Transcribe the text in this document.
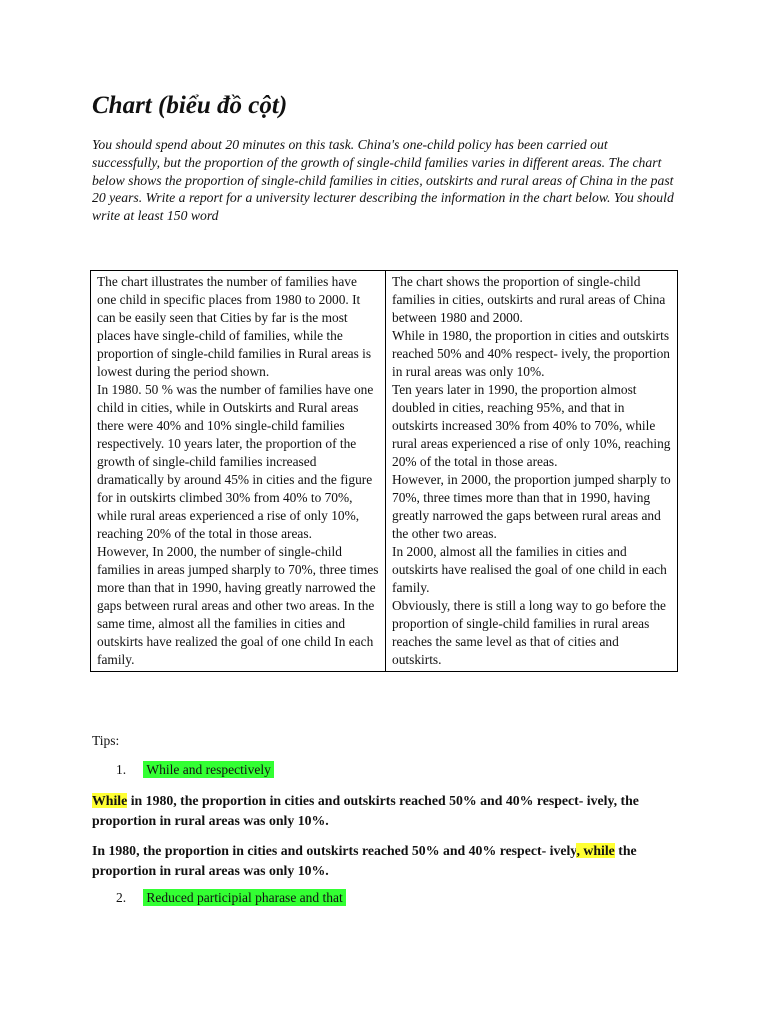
Chart (biểu đồ cột)

You should spend about 20 minutes on this task. China's one-child policy has been carried out successfully, but the proportion of the growth of single-child families varies in different areas. The chart below shows the proportion of single-child families in cities, outskirts and rural areas of China in the past 20 years. Write a report for a university lecturer describing the information in the chart below. You should write at least 150 word

The chart illustrates the number of families have one child in specific places from 1980 to 2000. It can be easily seen that Cities by far is the most places have single-child of families, while the proportion of single-child families in Rural areas is lowest during the period shown.
In 1980. 50 % was the number of families have one child in cities, while in Outskirts and Rural areas there were 40% and 10% single-child families respectively. 10 years later, the proportion of the growth of single-child families increased dramatically by around 45% in cities and the figure for in outskirts climbed 30% from 40% to 70%, while rural areas experienced a rise of only 10%, reaching 20% of the total in those areas.
However, In 2000, the number of single-child families in areas jumped sharply to 70%, three times more than that in 1990, having greatly narrowed the gaps between rural areas and other two areas. In the same time, almost all the families in cities and outskirts have realized the goal of one child In each family.

The chart shows the proportion of single-child families in cities, outskirts and rural areas of China between 1980 and 2000.
While in 1980, the proportion in cities and outskirts reached 50% and 40% respect- ively, the proportion in rural areas was only 10%.
Ten years later in 1990, the proportion almost doubled in cities, reaching 95%, and that in outskirts increased 30% from 40% to 70%, while rural areas experienced a rise of only 10%, reaching 20% of the total in those areas.
However, in 2000, the proportion jumped sharply to 70%, three times more than that in 1990, having greatly narrowed the gaps between rural areas and the other two areas.
In 2000, almost all the families in cities and outskirts have realised the goal of one child in each family.
Obviously, there is still a long way to go before the proportion of single-child families in rural areas reaches the same level as that of cities and outskirts.
Tips:
1. While and respectively

While in 1980, the proportion in cities and outskirts reached 50% and 40% respect- ively, the proportion in rural areas was only 10%.

In 1980, the proportion in cities and outskirts reached 50% and 40% respect- ively, while the proportion in rural areas was only 10%.

2. Reduced participial pharase and that
